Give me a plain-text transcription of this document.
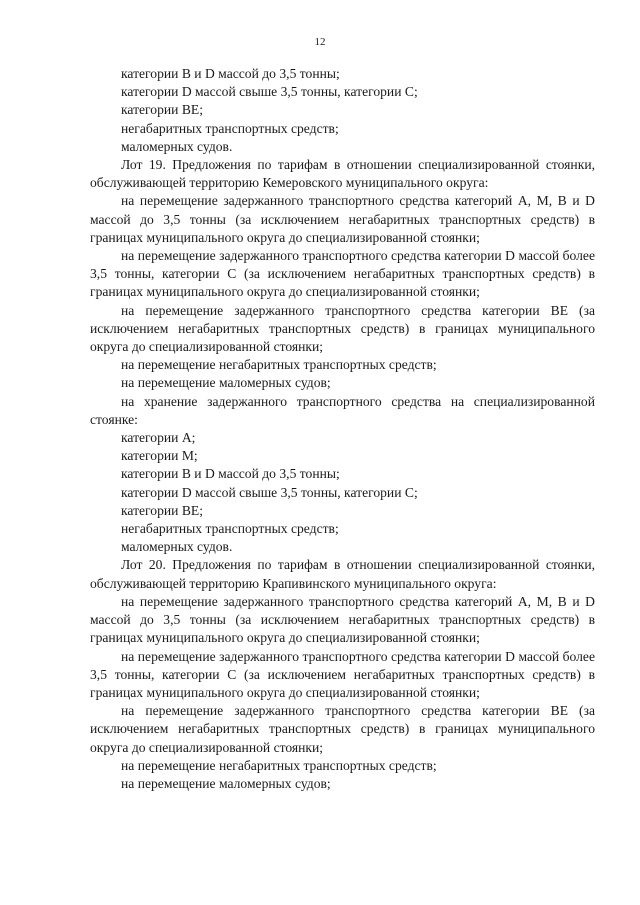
12

категории B и D массой до 3,5 тонны;

категории D массой свыше 3,5 тонны, категории C;

категории BE;

негабаритных транспортных средств;

маломерных судов.

Лот 19. Предложения по тарифам в отношении специализированной стоянки, обслуживающей территорию Кемеровского муниципального округа:

на перемещение задержанного транспортного средства категорий A, M, B и D массой до 3,5 тонны (за исключением негабаритных транспортных средств) в границах муниципального округа до специализированной стоянки;

на перемещение задержанного транспортного средства категории D массой более 3,5 тонны, категории C (за исключением негабаритных транспортных средств) в границах муниципального округа до специализированной стоянки;

на перемещение задержанного транспортного средства категории BE (за исключением негабаритных транспортных средств) в границах муниципального округа до специализированной стоянки;

на перемещение негабаритных транспортных средств;

на перемещение маломерных судов;

на хранение задержанного транспортного средства на специализированной стоянке:

категории A;

категории M;

категории B и D массой до 3,5 тонны;

категории D массой свыше 3,5 тонны, категории C;

категории BE;

негабаритных транспортных средств;

маломерных судов.

Лот 20. Предложения по тарифам в отношении специализированной стоянки, обслуживающей территорию Крапивинского муниципального округа:

на перемещение задержанного транспортного средства категорий A, M, B и D массой до 3,5 тонны (за исключением негабаритных транспортных средств) в границах муниципального округа до специализированной стоянки;

на перемещение задержанного транспортного средства категории D массой более 3,5 тонны, категории C (за исключением негабаритных транспортных средств) в границах муниципального округа до специализированной стоянки;

на перемещение задержанного транспортного средства категории BE (за исключением негабаритных транспортных средств) в границах муниципального округа до специализированной стоянки;

на перемещение негабаритных транспортных средств;

на перемещение маломерных судов;
